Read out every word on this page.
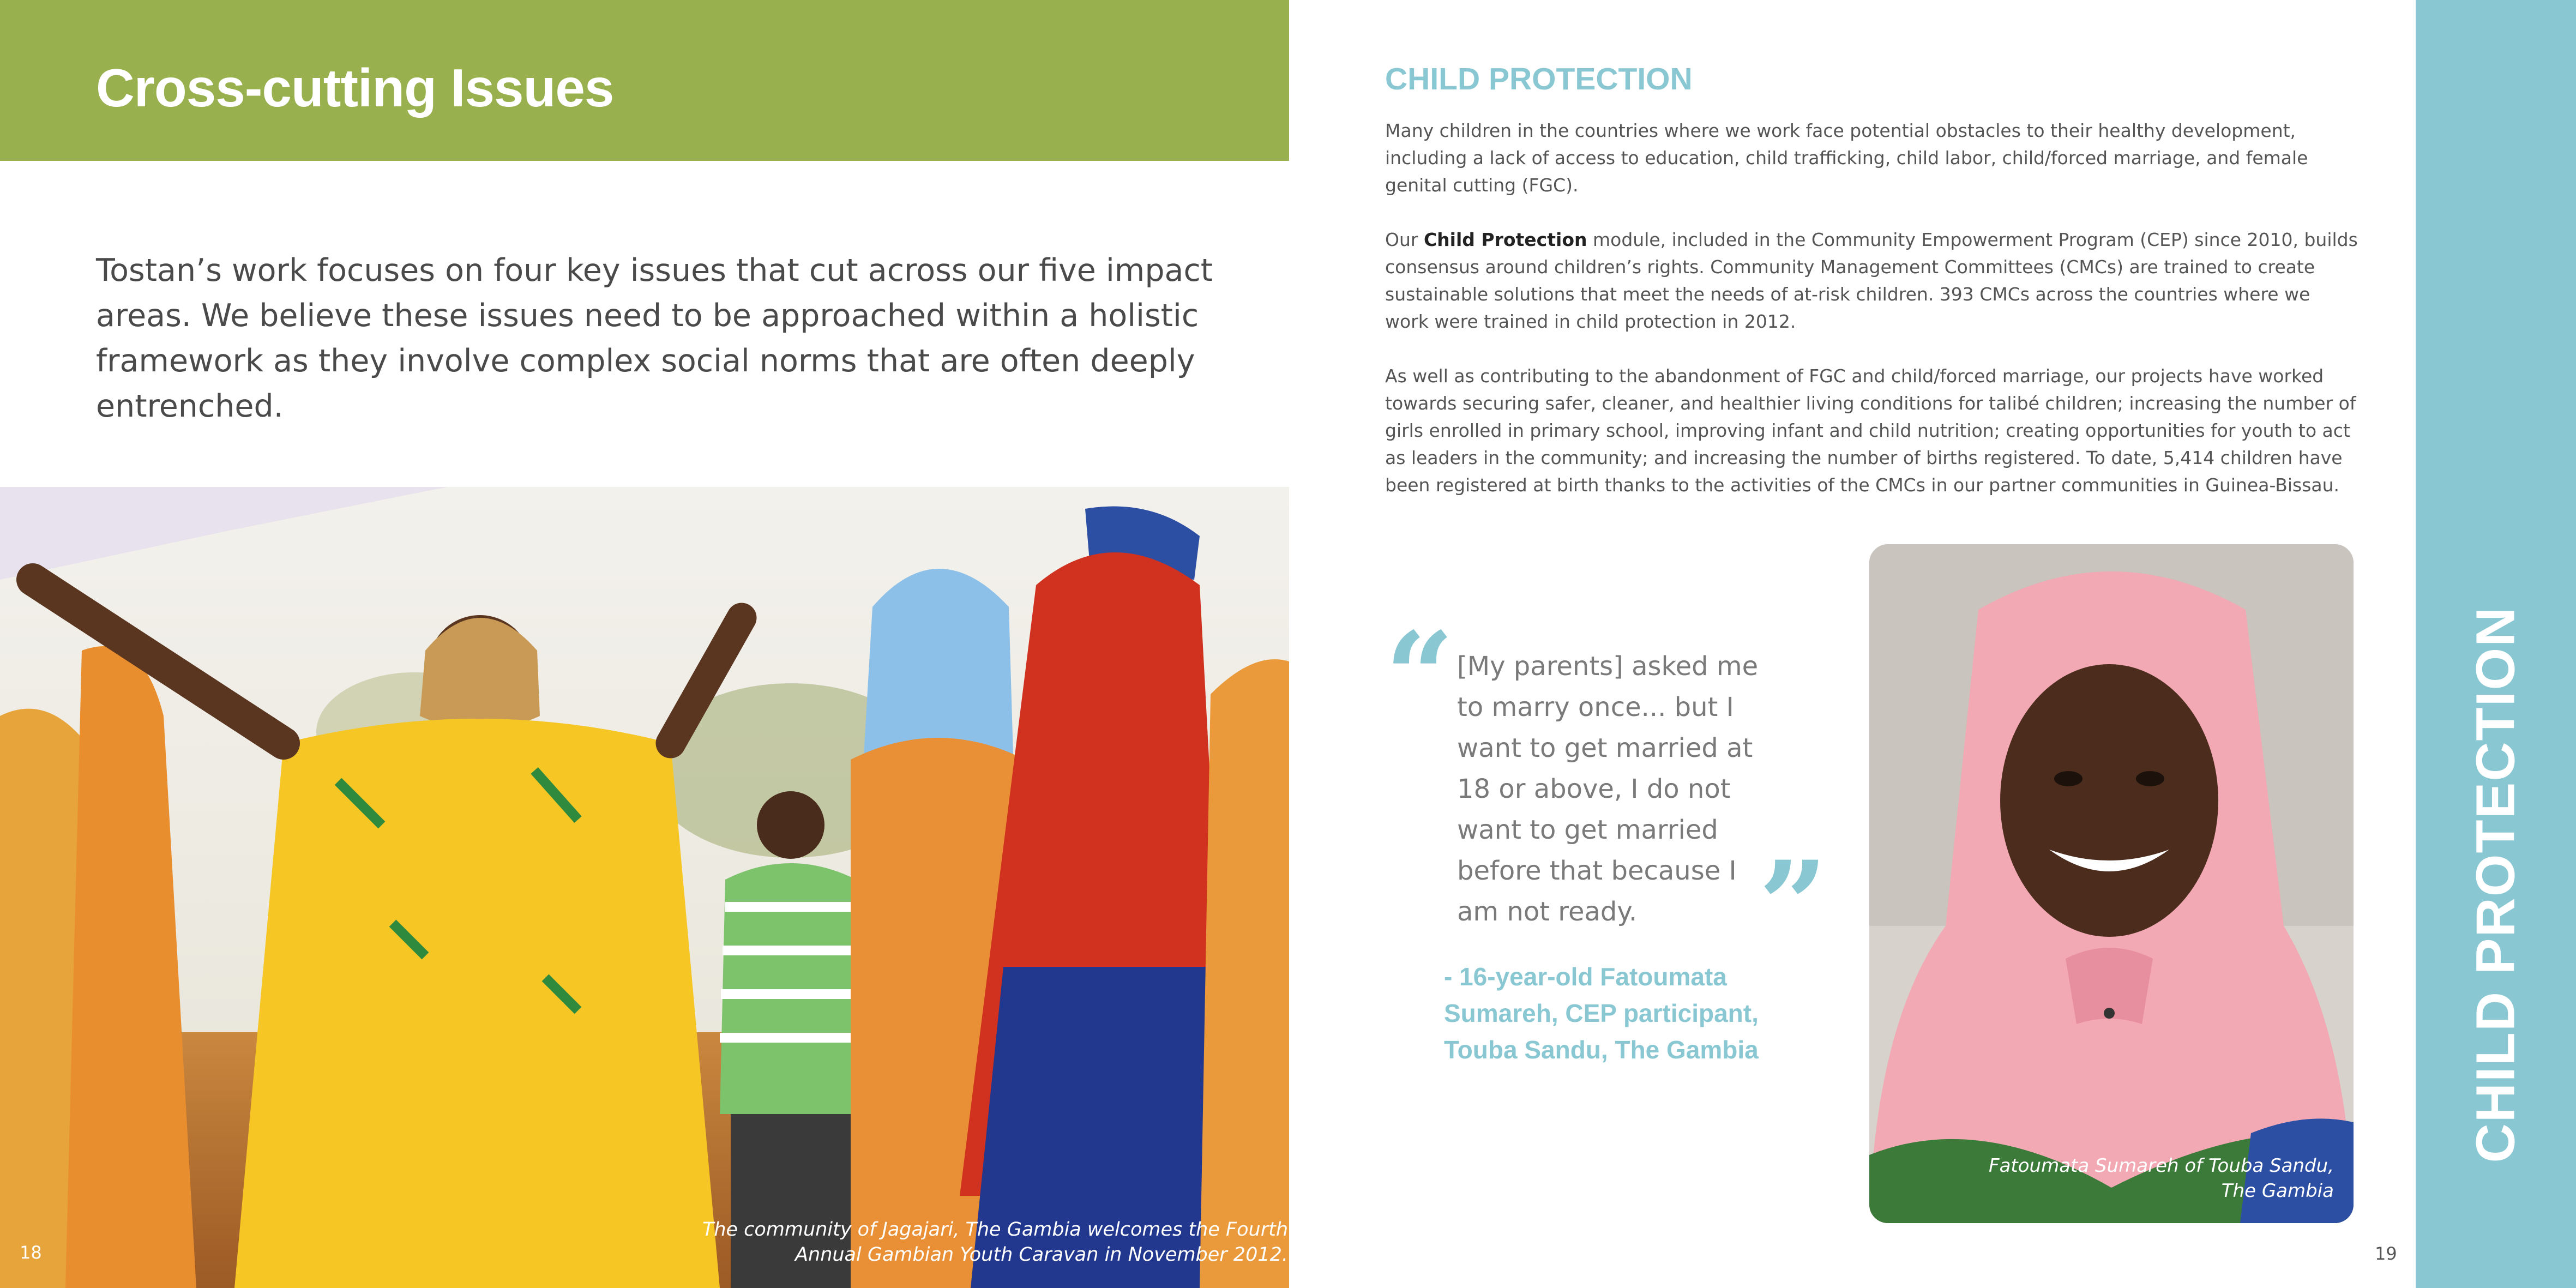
Cross-cutting Issues
Tostan’s work focuses on four key issues that cut across our five impact areas. We believe these issues need to be approached within a holistic framework as they involve complex social norms that are often deeply entrenched.
The community of Jagajari, The Gambia welcomes the Fourth
Annual Gambian Youth Caravan in November 2012.
18
CHILD PROTECTION
Many children in the countries where we work face potential obstacles to their healthy development, including a lack of access to education, child trafficking, child labor, child/forced marriage, and female genital cutting (FGC).
Our Child Protection module, included in the Community Empowerment Program (CEP) since 2010, builds consensus around children’s rights. Community Management Committees (CMCs) are trained to create sustainable solutions that meet the needs of at-risk children. 393 CMCs across the countries where we work were trained in child protection in 2012.
As well as contributing to the abandonment of FGC and child/forced marriage, our projects have worked towards securing safer, cleaner, and healthier living conditions for talibé children; increasing the number of girls enrolled in primary school, improving infant and child nutrition; creating opportunities for youth to act as leaders in the community; and increasing the number of births registered. To date, 5,414 children have been registered at birth thanks to the activities of the CMCs in our partner communities in Guinea-Bissau.
“ [My parents] asked me to marry once... but I want to get married at 18 or above, I do not want to get married before that because I am not ready.	”
- 16-year-old Fatoumata Sumareh, CEP participant, Touba Sandu, The Gambia
Fatoumata Sumareh of Touba Sandu,
The Gambia
CHILD PROTECTION
19
